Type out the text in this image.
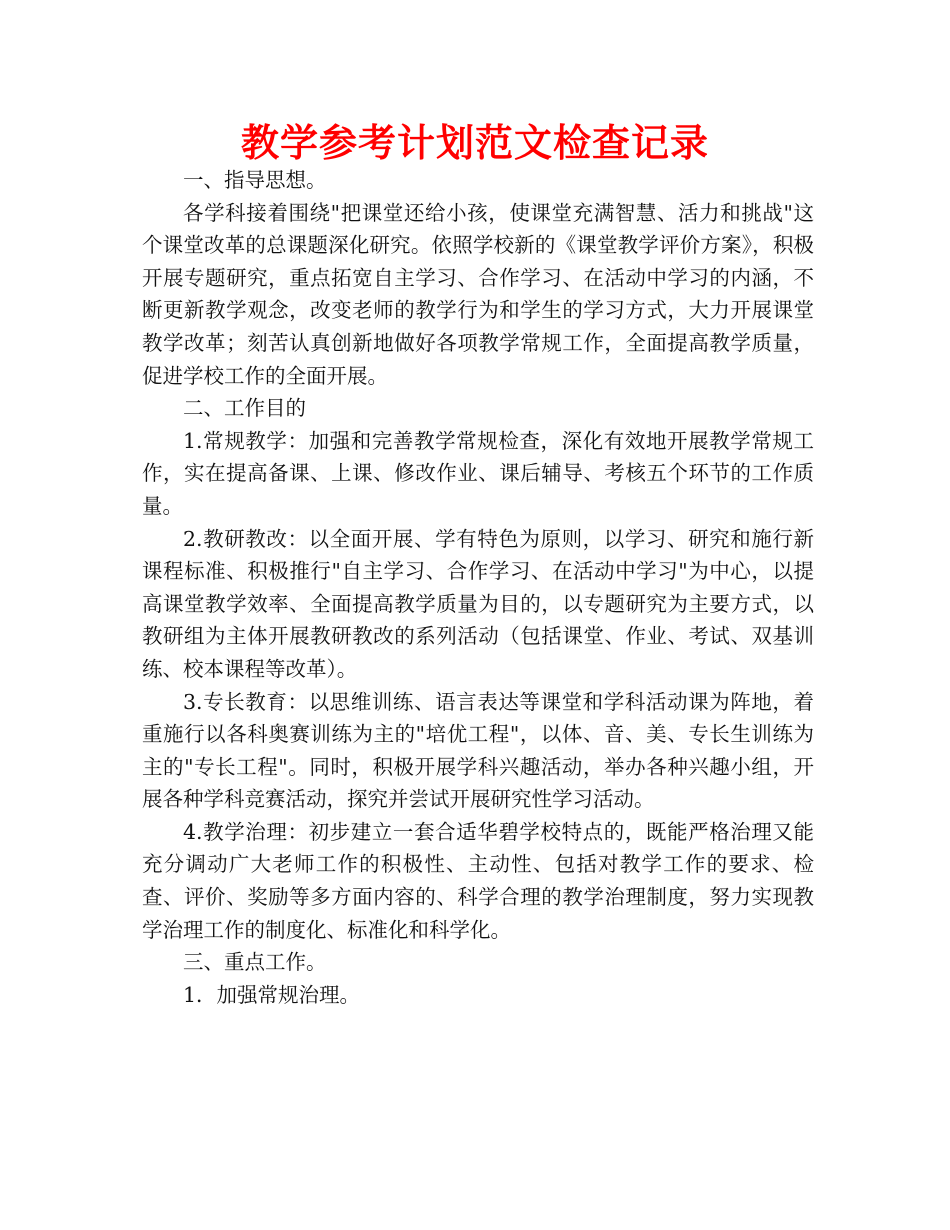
教学参考计划范文检查记录

一、指导思想。

各学科接着围绕"把课堂还给小孩，使课堂充满智慧、活力和挑战"这个课堂改革的总课题深化研究。依照学校新的《课堂教学评价方案》，积极开展专题研究，重点拓宽自主学习、合作学习、在活动中学习的内涵，不断更新教学观念，改变老师的教学行为和学生的学习方式，大力开展课堂教学改革；刻苦认真创新地做好各项教学常规工作，全面提高教学质量，促进学校工作的全面开展。

二、工作目的

1.常规教学：加强和完善教学常规检查，深化有效地开展教学常规工作，实在提高备课、上课、修改作业、课后辅导、考核五个环节的工作质量。

2.教研教改：以全面开展、学有特色为原则，以学习、研究和施行新课程标准、积极推行"自主学习、合作学习、在活动中学习"为中心，以提高课堂教学效率、全面提高教学质量为目的，以专题研究为主要方式，以教研组为主体开展教研教改的系列活动（包括课堂、作业、考试、双基训练、校本课程等改革）。

3.专长教育：以思维训练、语言表达等课堂和学科活动课为阵地，着重施行以各科奥赛训练为主的"培优工程"，以体、音、美、专长生训练为主的"专长工程"。同时，积极开展学科兴趣活动，举办各种兴趣小组，开展各种学科竞赛活动，探究并尝试开展研究性学习活动。

4.教学治理：初步建立一套合适华碧学校特点的，既能严格治理又能充分调动广大老师工作的积极性、主动性、包括对教学工作的要求、检查、评价、奖励等多方面内容的、科学合理的教学治理制度，努力实现教学治理工作的制度化、标准化和科学化。

三、重点工作。

1．加强常规治理。
